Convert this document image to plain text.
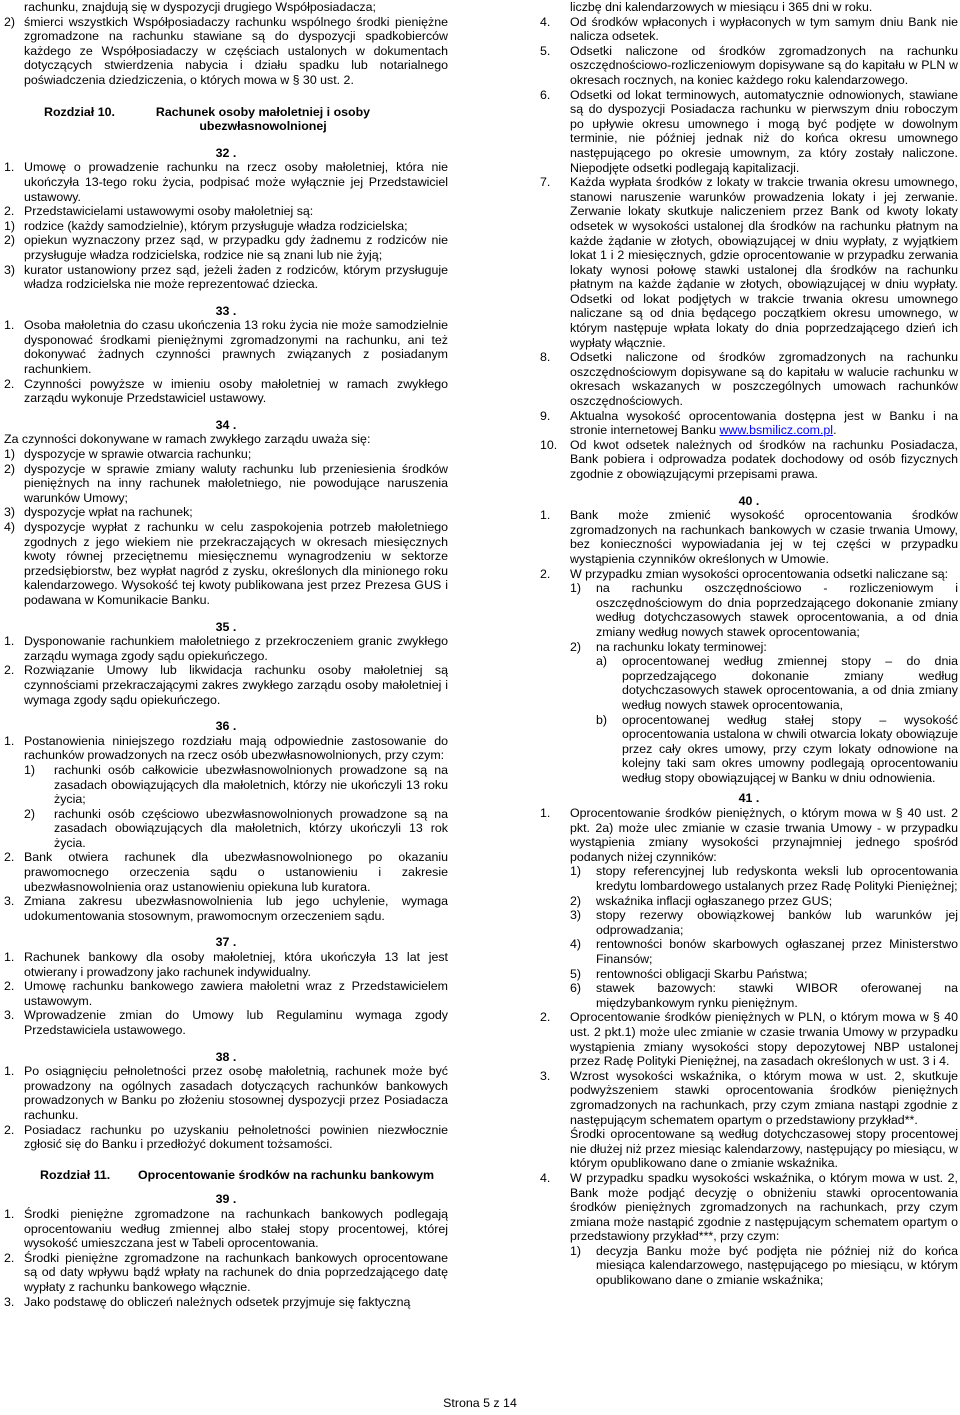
rachunku, znajdują się w dyspozycji drugiego Współposiadacza;

2) śmierci wszystkich Współposiadaczy rachunku wspólnego środki pieniężne zgromadzone na rachunku stawiane są do dyspozycji spadkobierców każdego ze Współposiadaczy w częściach ustalonych w dokumentach dotyczących stwierdzenia nabycia i działu spadku lub notarialnego poświadczenia dziedziczenia, o których mowa w § 30 ust. 2.
Rozdział 10.	Rachunek osoby małoletniej i osoby ubezwłasnowolnionej

32 .

1. Umowę o prowadzenie rachunku na rzecz osoby małoletniej, która nie ukończyła 13-tego roku życia, podpisać może wyłącznie jej Przedstawiciel ustawowy.
2. Przedstawicielami ustawowymi osoby małoletniej są:
1) rodzice (każdy samodzielnie), którym przysługuje władza rodzicielska;
2) opiekun wyznaczony przez sąd, w przypadku gdy żadnemu z rodziców nie przysługuje władza rodzicielska, rodzice nie są znani lub nie żyją;
3) kurator ustanowiony przez sąd, jeżeli żaden z rodziców, którym przysługuje władza rodzicielska nie może reprezentować dziecka.

33 .

1. Osoba małoletnia do czasu ukończenia 13 roku życia nie może samodzielnie dysponować środkami pieniężnymi zgromadzonymi na rachunku, ani też dokonywać żadnych czynności prawnych związanych z posiadanym rachunkiem.
2. Czynności powyższe w imieniu osoby małoletniej w ramach zwykłego zarządu wykonuje Przedstawiciel ustawowy.

34 .

Za czynności dokonywane w ramach zwykłego zarządu uważa się:

1) dyspozycje w sprawie otwarcia rachunku;
2) dyspozycje w sprawie zmiany waluty rachunku lub przeniesienia środków pieniężnych na inny rachunek małoletniego, nie powodujące naruszenia warunków Umowy;
3) dyspozycje wpłat na rachunek;
4) dyspozycje wypłat z rachunku w celu zaspokojenia potrzeb małoletniego zgodnych z jego wiekiem nie przekraczających w okresach miesięcznych kwoty równej przeciętnemu miesięcznemu wynagrodzeniu w sektorze przedsiębiorstw, bez wypłat nagród z zysku, określonych dla minionego roku kalendarzowego. Wysokość tej kwoty publikowana jest przez Prezesa GUS i podawana w Komunikacie Banku.

35 .

1. Dysponowanie rachunkiem małoletniego z przekroczeniem granic zwykłego zarządu wymaga zgody sądu opiekuńczego.
2. Rozwiązanie Umowy lub likwidacja rachunku osoby małoletniej są czynnościami przekraczającymi zakres zwykłego zarządu osoby małoletniej i wymaga zgody sądu opiekuńczego.

36 .

1. Postanowienia niniejszego rozdziału mają odpowiednie zastosowanie do rachunków prowadzonych na rzecz osób ubezwłasnowolnionych, przy czym:
1)	rachunki osób całkowicie ubezwłasnowolnionych prowadzone są na zasadach obowiązujących dla małoletnich, którzy nie ukończyli 13 roku życia;
2)	rachunki osób częściowo ubezwłasnowolnionych prowadzone są na zasadach obowiązujących dla małoletnich, którzy ukończyli 13 rok życia.
2. Bank otwiera rachunek dla ubezwłasnowolnionego po okazaniu prawomocnego orzeczenia sądu o ustanowieniu i zakresie ubezwłasnowolnienia oraz ustanowieniu opiekuna lub kuratora.
3. Zmiana zakresu ubezwłasnowolnienia lub jego uchylenie, wymaga udokumentowania stosownym, prawomocnym orzeczeniem sądu.

37 .

1. Rachunek bankowy dla osoby małoletniej, która ukończyła 13 lat jest otwierany i prowadzony jako rachunek indywidualny.
2. Umowę rachunku bankowego zawiera małoletni wraz z Przedstawicielem ustawowym.
3. Wprowadzenie zmian do Umowy lub Regulaminu wymaga zgody Przedstawiciela ustawowego.

38 .

1. Po osiągnięciu pełnoletności przez osobę małoletnią, rachunek może być prowadzony na ogólnych zasadach dotyczących rachunków bankowych prowadzonych w Banku po złożeniu stosownej dyspozycji przez Posiadacza rachunku.
2. Posiadacz rachunku po uzyskaniu pełnoletności powinien niezwłocznie zgłosić się do Banku i przedłożyć dokument tożsamości.
Rozdział 11.	Oprocentowanie środków na rachunku bankowym

39 .

1. Środki pieniężne zgromadzone na rachunkach bankowych podlegają oprocentowaniu według zmiennej albo stałej stopy procentowej, której wysokość umieszczana jest w Tabeli oprocentowania.
2. Środki pieniężne zgromadzone na rachunkach bankowych oprocentowane są od daty wpływu bądź wpłaty na rachunek do dnia poprzedzającego datę wypłaty z rachunku bankowego włącznie.
3. Jako podstawę do obliczeń należnych odsetek przyjmuje się faktyczną

liczbę dni kalendarzowych w miesiącu i 365 dni w roku.

4.	Od środków wpłaconych i wypłaconych w tym samym dniu Bank nie nalicza odsetek.
5.	Odsetki naliczone od środków zgromadzonych na rachunku oszczędnościowo-rozliczeniowym dopisywane są do kapitału w PLN w okresach rocznych, na koniec każdego roku kalendarzowego.
6.	Odsetki od lokat terminowych, automatycznie odnowionych, stawiane są do dyspozycji Posiadacza rachunku w pierwszym dniu roboczym po upływie okresu umownego i mogą być podjęte w dowolnym terminie, nie później jednak niż do końca okresu umownego następującego po okresie umownym, za który zostały naliczone. Niepodjęte odsetki podlegają kapitalizacji.
7.	Każda wypłata środków z lokaty w trakcie trwania okresu umownego, stanowi naruszenie warunków prowadzenia lokaty i jej zerwanie. Zerwanie lokaty skutkuje naliczeniem przez Bank od kwoty lokaty odsetek w wysokości ustalonej dla środków na rachunku płatnym na każde żądanie w złotych, obowiązującej w dniu wypłaty, z wyjątkiem lokat 1 i 2 miesięcznych, gdzie oprocentowanie w przypadku zerwania lokaty wynosi połowę stawki ustalonej dla środków na rachunku płatnym na każde żądanie w złotych, obowiązującej w dniu wypłaty. Odsetki od lokat podjętych w trakcie trwania okresu umownego naliczane są od dnia będącego początkiem okresu umownego, w którym następuje wpłata lokaty do dnia poprzedzającego dzień ich wypłaty włącznie.
8.	Odsetki naliczone od środków zgromadzonych na rachunku oszczędnościowym dopisywane są do kapitału w walucie rachunku w okresach wskazanych w poszczególnych umowach rachunków oszczędnościowych.
9.	Aktualna wysokość oprocentowania dostępna jest w Banku i na stronie internetowej Banku www.bsmilicz.com.pl.
10.	Od kwot odsetek należnych od środków na rachunku Posiadacza, Bank pobiera i odprowadza podatek dochodowy od osób fizycznych zgodnie z obowiązującymi przepisami prawa.

40 .

1.	Bank może zmienić wysokość oprocentowania środków zgromadzonych na rachunkach bankowych w czasie trwania Umowy, bez konieczności wypowiadania jej w tej części w przypadku wystąpienia czynników określonych w Umowie.
2.	W przypadku zmian wysokości oprocentowania odsetki naliczane są:
1)	na rachunku oszczędnościowo - rozliczeniowym i oszczędnościowym do dnia poprzedzającego dokonanie zmiany według dotychczasowych stawek oprocentowania, a od dnia zmiany według nowych stawek oprocentowania;
2)	na rachunku lokaty terminowej:
a)	oprocentowanej według zmiennej stopy – do dnia poprzedzającego dokonanie zmiany według dotychczasowych stawek oprocentowania, a od dnia zmiany według nowych stawek oprocentowania,
b)	oprocentowanej według stałej stopy – wysokość oprocentowania ustalona w chwili otwarcia lokaty obowiązuje przez cały okres umowy, przy czym lokaty odnowione na kolejny taki sam okres umowny podlegają oprocentowaniu według stopy obowiązującej w Banku w dniu odnowienia.

41 .

1.	Oprocentowanie środków pieniężnych, o którym mowa w § 40 ust. 2 pkt. 2a) może ulec zmianie w czasie trwania Umowy - w przypadku wystąpienia zmiany wysokości przynajmniej jednego spośród podanych niżej czynników:
1)	stopy referencyjnej lub redyskonta weksli lub oprocentowania kredytu lombardowego ustalanych przez Radę Polityki Pieniężnej;
2)	wskaźnika inflacji ogłaszanego przez GUS;
3)	stopy rezerwy obowiązkowej banków lub warunków jej odprowadzania;
4)	rentowności bonów skarbowych ogłaszanej przez Ministerstwo Finansów;
5)	rentowności obligacji Skarbu Państwa;
6)	stawek bazowych: stawki WIBOR oferowanej na międzybankowym rynku pieniężnym.
2.	Oprocentowanie środków pieniężnych w PLN, o którym mowa w § 40 ust. 2 pkt.1) może ulec zmianie w czasie trwania Umowy w przypadku wystąpienia zmiany wysokości stopy depozytowej NBP ustalonej przez Radę Polityki Pieniężnej, na zasadach określonych w ust. 3 i 4.
3.	Wzrost wysokości wskaźnika, o którym mowa w ust. 2, skutkuje podwyższeniem stawki oprocentowania środków pieniężnych zgromadzonych na rachunkach, przy czym zmiana nastąpi zgodnie z następującym schematem opartym o przedstawiony przykład**.

Środki oprocentowane są według dotychczasowej stopy procentowej nie dłużej niż przez miesiąc kalendarzowy, następujący po miesiącu, w którym opublikowano dane o zmianie wskaźnika.

4.	W przypadku spadku wysokości wskaźnika, o którym mowa w ust. 2, Bank może podjąć decyzję o obniżeniu stawki oprocentowania środków pieniężnych zgromadzonych na rachunkach, przy czym zmiana może nastąpić zgodnie z następującym schematem opartym o przedstawiony przykład***, przy czym:
1)	decyzja Banku może być podjęta nie później niż do końca miesiąca kalendarzowego, następującego po miesiącu, w którym opublikowano dane o zmianie wskaźnika;
Strona 5 z 14
